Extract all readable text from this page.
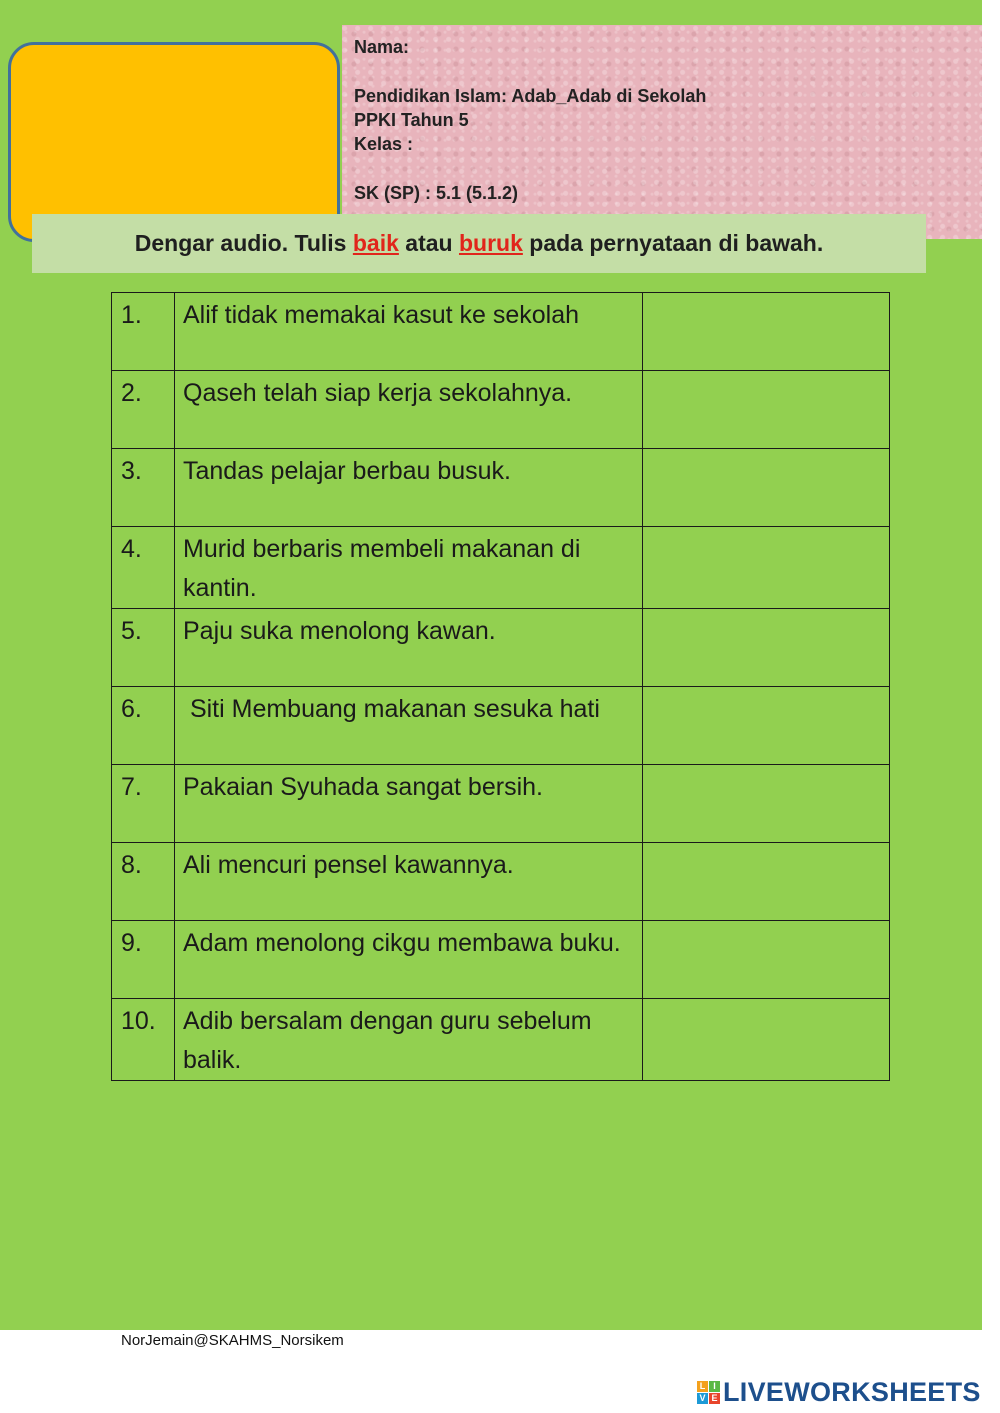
Nama:
Pendidikan Islam: Adab_Adab di Sekolah
PPKI Tahun 5
Kelas :
SK (SP) : 5.1 (5.1.2)
Dengar audio. Tulis baik atau buruk pada pernyataan di bawah.
1.	Alif tidak memakai kasut ke sekolah	
2.	Qaseh telah siap kerja sekolahnya.	
3.	Tandas pelajar berbau busuk.	
4.	Murid berbaris membeli makanan di kantin.	
5.	Paju suka menolong kawan.	
6.	Siti Membuang makanan sesuka hati	
7.	Pakaian Syuhada sangat bersih.	
8.	Ali mencuri pensel kawannya.	
9.	Adam menolong cikgu membawa buku.	
10.	Adib bersalam dengan guru sebelum balik.	
NorJemain@SKAHMS_Norsikem
L I
V E LIVEWORKSHEETS
